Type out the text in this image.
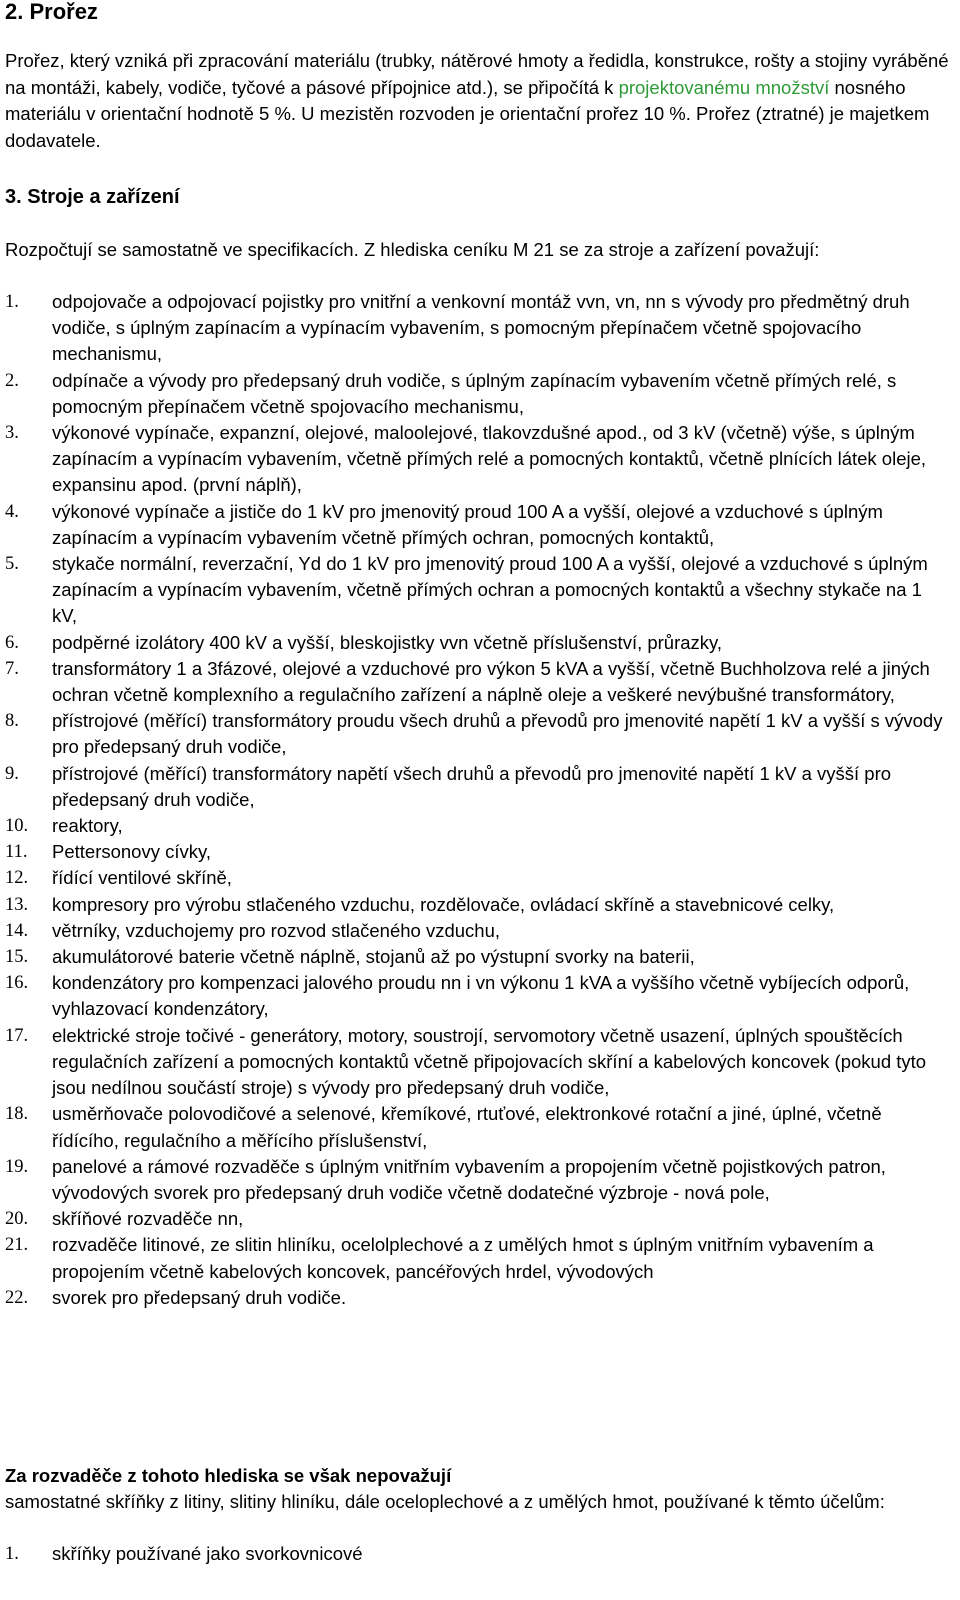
2. Prořez

Prořez, který vzniká při zpracování materiálu (trubky, nátěrové hmoty a ředidla, konstrukce, rošty a stojiny vyráběné na montáži, kabely, vodiče, tyčové a pásové přípojnice atd.), se připočítá k projektovanému množství nosného materiálu v orientační hodnotě 5 %. U mezistěn rozvoden je orientační prořez 10 %. Prořez (ztratné) je majetkem dodavatele.

3. Stroje a zařízení

Rozpočtují se samostatně ve specifikacích. Z hlediska ceníku M 21 se za stroje a zařízení považují:

1. odpojovače a odpojovací pojistky pro vnitřní a venkovní montáž vvn, vn, nn s vývody pro předmětný druh vodiče, s úplným zapínacím a vypínacím vybavením, s pomocným přepínačem včetně spojovacího mechanismu,
2. odpínače a vývody pro předepsaný druh vodiče, s úplným zapínacím vybavením včetně přímých relé, s pomocným přepínačem včetně spojovacího mechanismu,
3. výkonové vypínače, expanzní, olejové, maloolejové, tlakovzdušné apod., od 3 kV (včetně) výše, s úplným zapínacím a vypínacím vybavením, včetně přímých relé a pomocných kontaktů, včetně plnících látek oleje, expansinu apod. (první náplň),
4. výkonové vypínače a jističe do 1 kV pro jmenovitý proud 100 A a vyšší, olejové a vzduchové s úplným zapínacím a vypínacím vybavením včetně přímých ochran, pomocných kontaktů,
5. stykače normální, reverzační, Yd do 1 kV pro jmenovitý proud 100 A a vyšší, olejové a vzduchové s úplným zapínacím a vypínacím vybavením, včetně přímých ochran a pomocných kontaktů a všechny stykače na 1 kV,
6. podpěrné izolátory 400 kV a vyšší, bleskojistky vvn včetně příslušenství, průrazky,
7. transformátory 1 a 3fázové, olejové a vzduchové pro výkon 5 kVA a vyšší, včetně Buchholzova relé a jiných ochran včetně komplexního a regulačního zařízení a náplně oleje a veškeré nevýbušné transformátory,
8. přístrojové (měřící) transformátory proudu všech druhů a převodů pro jmenovité napětí 1 kV a vyšší s vývody pro předepsaný druh vodiče,
9. přístrojové (měřící) transformátory napětí všech druhů a převodů pro jmenovité napětí 1 kV a vyšší pro předepsaný druh vodiče,
10. reaktory,
11. Pettersonovy cívky,
12. řídící ventilové skříně,
13. kompresory pro výrobu stlačeného vzduchu, rozdělovače, ovládací skříně a stavebnicové celky,
14. větrníky, vzduchojemy pro rozvod stlačeného vzduchu,
15. akumulátorové baterie včetně náplně, stojanů až po výstupní svorky na baterii,
16. kondenzátory pro kompenzaci jalového proudu nn i vn výkonu 1 kVA a vyššího včetně vybíjecích odporů, vyhlazovací kondenzátory,
17. elektrické stroje točivé - generátory, motory, soustrojí, servomotory včetně usazení, úplných spouštěcích regulačních zařízení a pomocných kontaktů včetně připojovacích skříní a kabelových koncovek (pokud tyto jsou nedílnou součástí stroje) s vývody pro předepsaný druh vodiče,
18. usměrňovače polovodičové a selenové, křemíkové, rtuťové, elektronkové rotační a jiné, úplné, včetně řídícího, regulačního a měřícího příslušenství,
19. panelové a rámové rozvaděče s úplným vnitřním vybavením a propojením včetně pojistkových patron, vývodových svorek pro předepsaný druh vodiče včetně dodatečné výzbroje - nová pole,
20. skříňové rozvaděče nn,
21. rozvaděče litinové, ze slitin hliníku, ocelolplechové a z umělých hmot s úplným vnitřním vybavením a propojením včetně kabelových koncovek, pancéřových hrdel, vývodových
22. svorek pro předepsaný druh vodiče.

Za rozvaděče z tohoto hlediska se však nepovažují

samostatné skříňky z litiny, slitiny hliníku, dále oceloplechové a z umělých hmot, používané k těmto účelům:

1. skříňky používané jako svorkovnicové
